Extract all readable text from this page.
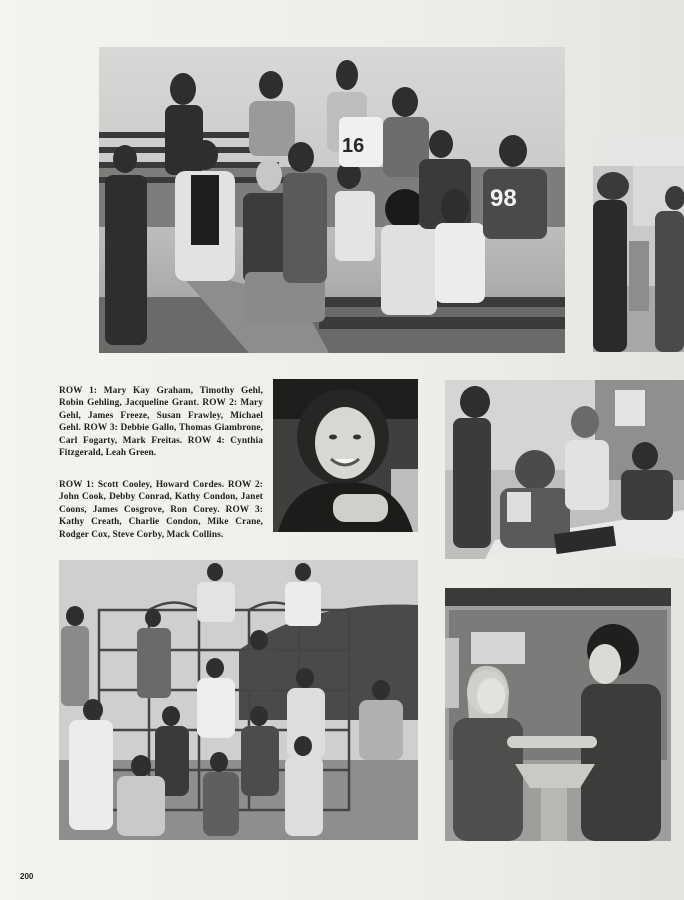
16
98
ROW 1: Mary Kay Graham, Timothy Gehl, Robin Gehling, Jacqueline Grant. ROW 2: Mary Gehl, James Freeze, Susan Frawley, Michael Gehl. ROW 3: Debbie Gallo, Thomas Giambrone, Carl Fogarty, Mark Freitas. ROW 4: Cynthia Fitzgerald, Leah Green.
ROW 1: Scott Cooley, Howard Cordes. ROW 2: John Cook, Debby Conrad, Kathy Condon, Janet Coons, James Cosgrove, Ron Corey. ROW 3: Kathy Creath, Charlie Condon, Mike Crane, Rodger Cox, Steve Corby, Mack Collins.
200
